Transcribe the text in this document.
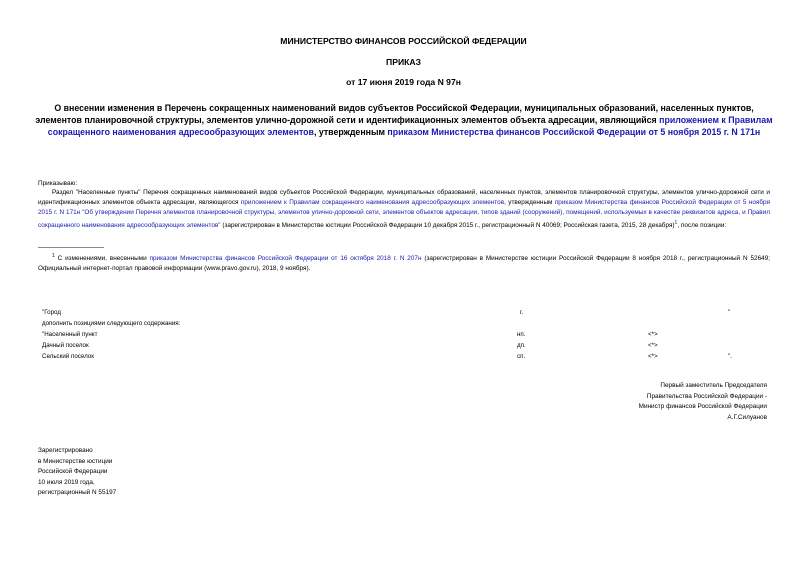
МИНИСТЕРСТВО ФИНАНСОВ РОССИЙСКОЙ ФЕДЕРАЦИИ
ПРИКАЗ
от 17 июня 2019 года N 97н
О внесении изменения в Перечень сокращенных наименований видов субъектов Российской Федерации, муниципальных образований, населенных пунктов, элементов планировочной структуры, элементов улично-дорожной сети и идентификационных элементов объекта адресации, являющийся приложением к Правилам сокращенного наименования адресообразующих элементов, утвержденным приказом Министерства финансов Российской Федерации от 5 ноября 2015 г. N 171н
Приказываю:
Раздел "Населенные пункты" Перечня сокращенных наименований видов субъектов Российской Федерации, муниципальных образований, населенных пунктов, элементов планировочной структуры, элементов улично-дорожной сети и идентификационных элементов объекта адресации, являющегося приложением к Правилам сокращенного наименования адресообразующих элементов, утвержденным приказом Министерства финансов Российской Федерации от 5 ноября 2015 г. N 171н "Об утверждении Перечня элементов планировочной структуры, элементов улично-дорожной сети, элементов объектов адресации, типов зданий (сооружений), помещений, используемых в качестве реквизитов адреса, и Правил сокращенного наименования адресообразующих элементов" (зарегистрирован в Министерстве юстиции Российской Федерации 10 декабря 2015 г., регистрационный N 40069; Российская газета, 2015, 28 декабря)$^1$, после позиции:
$^1$ С изменениями, внесенными приказом Министерства финансов Российской Федерации от 16 октября 2018 г. N 207н (зарегистрирован в Министерстве юстиции Российской Федерации 8 ноября 2018 г., регистрационный N 52649; Официальный интернет-портал правовой информации (www.pravo.gov.ru), 2018, 9 ноября).
"Город	г.	"
дополнить позициями следующего содержания:
"Населенный пункт	нп.	<*>
Дачный поселок	дп.	<*>
Сельский поселок	сп.	<*>	".
Первый заместитель Председателя
Правительства Российской Федерации -
Министр финансов Российской Федерации
А.Г.Силуанов
Зарегистрировано
в Министерстве юстиции
Российской Федерации
10 июля 2019 года,
регистрационный N 55197
